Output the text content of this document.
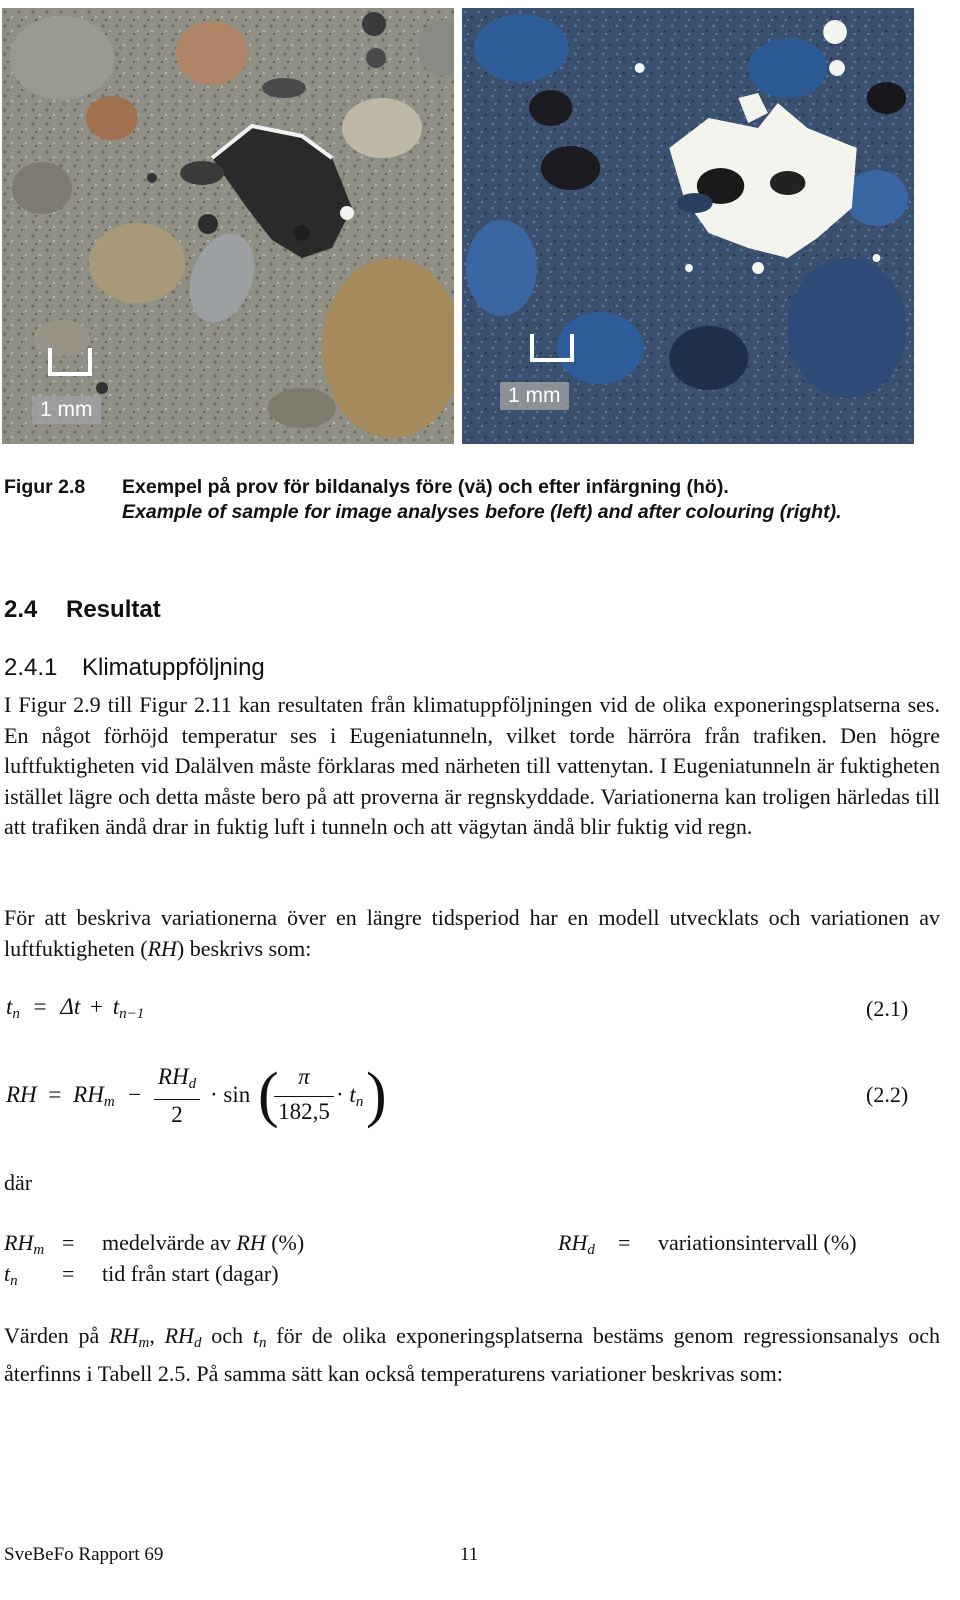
1 mm
1 mm
Figur 2.8 Exempel på prov för bildanalys före (vä) och efter infärgning (hö).
Example of sample for image analyses before (left) and after colouring (right).
2.4 Resultat
2.4.1 Klimatuppföljning
I Figur 2.9 till Figur 2.11 kan resultaten från klimatuppföljningen vid de olika exponeringsplatserna ses. En något förhöjd temperatur ses i Eugeniatunneln, vilket torde härröra från trafiken. Den högre luftfuktigheten vid Dalälven måste förklaras med närheten till vattenytan. I Eugeniatunneln är fuktigheten istället lägre och detta måste bero på att proverna är regnskyddade. Variationerna kan troligen härledas till att trafiken ändå drar in fuktig luft i tunneln och att vägytan ändå blir fuktig vid regn.
För att beskriva variationerna över en längre tidsperiod har en modell utvecklats och variationen av luftfuktigheten (RH) beskrivs som:
tn = Δt + tn−1	(2.1)
RH = RHm −
RHd
2
· sin ( π
182,5
· tn )	(2.2)
där
RHm = medelvärde av RH (%)	RHd = variationsintervall (%)
tn = tid från start (dagar)
Värden på RHm, RHd och tn för de olika exponeringsplatserna bestäms genom regressionsanalys och återfinns i Tabell 2.5. På samma sätt kan också temperaturens variationer beskrivas som:
SveBeFo Rapport 69	11
